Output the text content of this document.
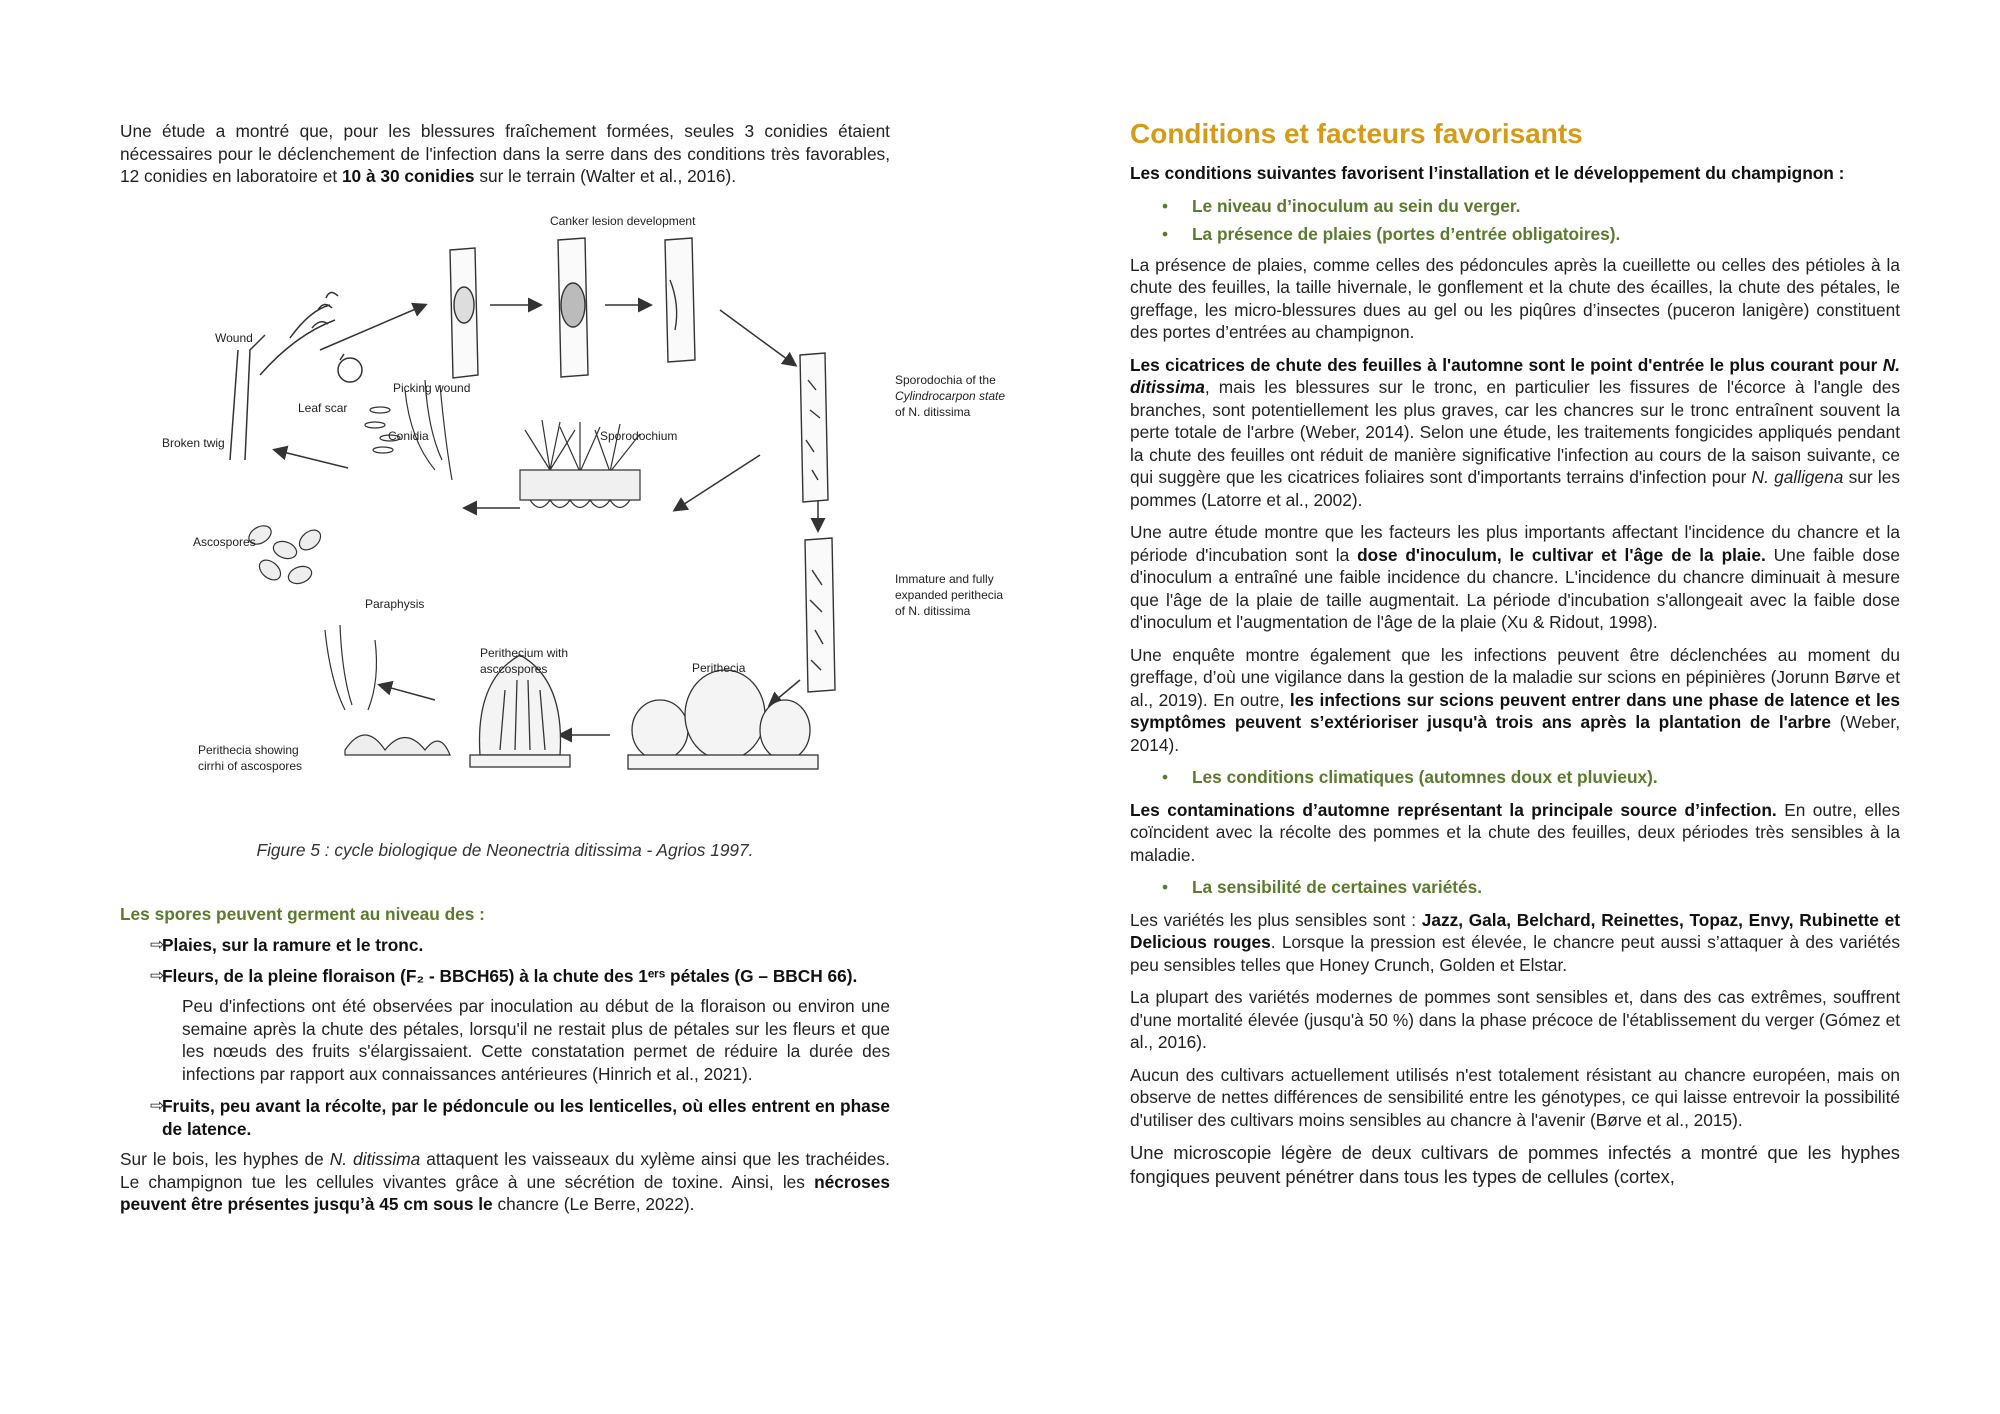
Une étude a montré que, pour les blessures fraîchement formées, seules 3 conidies étaient nécessaires pour le déclenchement de l'infection dans la serre dans des conditions très favorables, 12 conidies en laboratoire et 10 à 30 conidies sur le terrain (Walter et al., 2016).

Canker lesion development
Wound
Picking wound
Leaf scar
Broken twig	Conidia	Sporodochium
Sporodochia of the
Cylindrocarpon state
of N. ditissima
Ascospores
Paraphysis
Immature and fully
expanded perithecia
of N. ditissima
Perithecium with
asccospores	Perithecia
Perithecia showing
cirrhi of ascospores
Figure 5 : cycle biologique de Neonectria ditissima - Agrios 1997.
Les spores peuvent germent au niveau des :
⇨
Plaies, sur la ramure et le tronc.
⇨
Fleurs, de la pleine floraison (F₂ - BBCH65) à la chute des 1ᵉʳˢ pétales (G – BBCH 66).

Peu d'infections ont été observées par inoculation au début de la floraison ou environ une semaine après la chute des pétales, lorsqu'il ne restait plus de pétales sur les fleurs et que les nœuds des fruits s'élargissaient. Cette constatation permet de réduire la durée des infections par rapport aux connaissances antérieures (Hinrich et al., 2021).

⇨
Fruits, peu avant la récolte, par le pédoncule ou les lenticelles, où elles entrent en phase de latence.

Sur le bois, les hyphes de N. ditissima attaquent les vaisseaux du xylème ainsi que les trachéides. Le champignon tue les cellules vivantes grâce à une sécrétion de toxine. Ainsi, les nécroses peuvent être présentes jusqu’à 45 cm sous le chancre (Le Berre, 2022).

Conditions et facteurs favorisants

Les conditions suivantes favorisent l’installation et le développement du champignon :

•	Le niveau d’inoculum au sein du verger.
•	La présence de plaies (portes d’entrée obligatoires).

La présence de plaies, comme celles des pédoncules après la cueillette ou celles des pétioles à la chute des feuilles, la taille hivernale, le gonflement et la chute des écailles, la chute des pétales, le greffage, les micro-blessures dues au gel ou les piqûres d’insectes (puceron lanigère) constituent des portes d’entrées au champignon.

Les cicatrices de chute des feuilles à l'automne sont le point d'entrée le plus courant pour N. ditissima, mais les blessures sur le tronc, en particulier les fissures de l'écorce à l'angle des branches, sont potentiellement les plus graves, car les chancres sur le tronc entraînent souvent la perte totale de l'arbre (Weber, 2014). Selon une étude, les traitements fongicides appliqués pendant la chute des feuilles ont réduit de manière significative l'infection au cours de la saison suivante, ce qui suggère que les cicatrices foliaires sont d'importants terrains d'infection pour N. galligena sur les pommes (Latorre et al., 2002).

Une autre étude montre que les facteurs les plus importants affectant l'incidence du chancre et la période d'incubation sont la dose d'inoculum, le cultivar et l'âge de la plaie. Une faible dose d'inoculum a entraîné une faible incidence du chancre. L'incidence du chancre diminuait à mesure que l'âge de la plaie de taille augmentait. La période d'incubation s'allongeait avec la faible dose d'inoculum et l'augmentation de l'âge de la plaie (Xu & Ridout, 1998).

Une enquête montre également que les infections peuvent être déclenchées au moment du greffage, d’où une vigilance dans la gestion de la maladie sur scions en pépinières (Jorunn Børve et al., 2019). En outre, les infections sur scions peuvent entrer dans une phase de latence et les symptômes peuvent s’extérioriser jusqu'à trois ans après la plantation de l'arbre (Weber, 2014).

•	Les conditions climatiques (automnes doux et pluvieux).

Les contaminations d’automne représentant la principale source d’infection. En outre, elles coïncident avec la récolte des pommes et la chute des feuilles, deux périodes très sensibles à la maladie.

•	La sensibilité de certaines variétés.

Les variétés les plus sensibles sont : Jazz, Gala, Belchard, Reinettes, Topaz, Envy, Rubinette et Delicious rouges. Lorsque la pression est élevée, le chancre peut aussi s’attaquer à des variétés peu sensibles telles que Honey Crunch, Golden et Elstar.

La plupart des variétés modernes de pommes sont sensibles et, dans des cas extrêmes, souffrent d'une mortalité élevée (jusqu'à 50 %) dans la phase précoce de l'établissement du verger (Gómez et al., 2016).

Aucun des cultivars actuellement utilisés n'est totalement résistant au chancre européen, mais on observe de nettes différences de sensibilité entre les génotypes, ce qui laisse entrevoir la possibilité d'utiliser des cultivars moins sensibles au chancre à l'avenir (Børve et al., 2015).

Une microscopie légère de deux cultivars de pommes infectés a montré que les hyphes fongiques peuvent pénétrer dans tous les types de cellules (cortex,
